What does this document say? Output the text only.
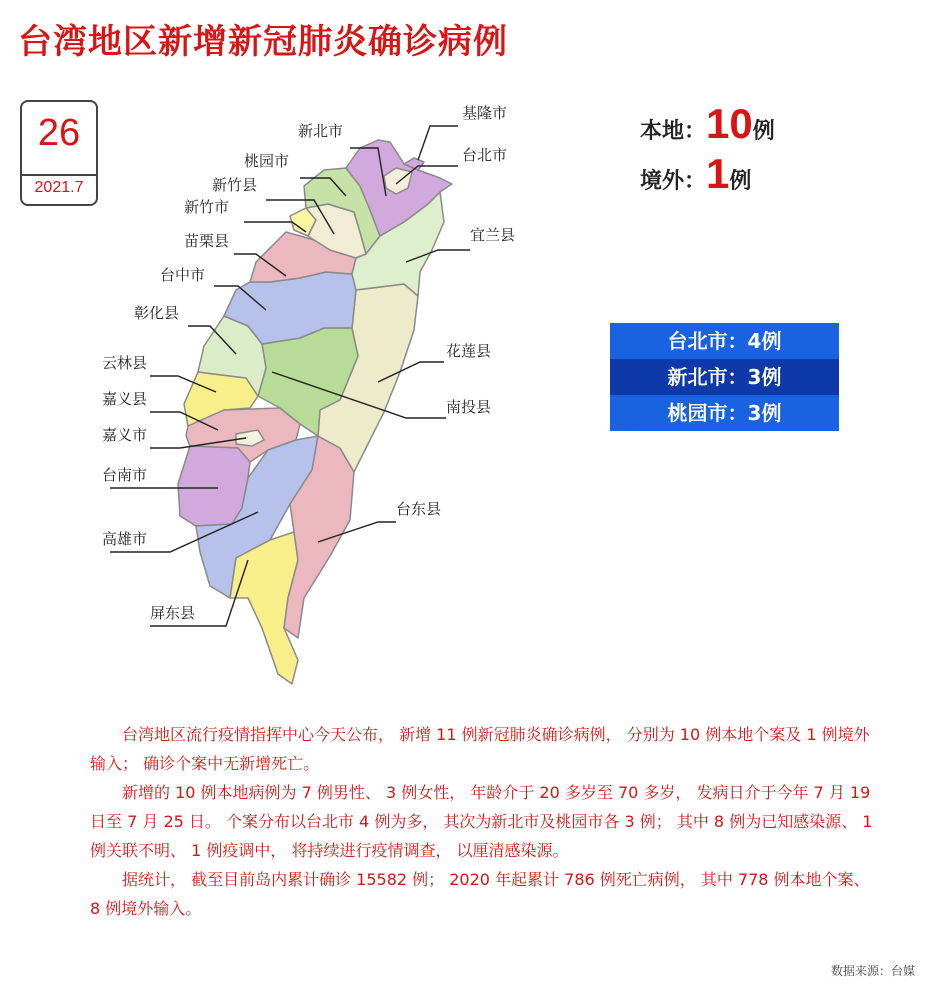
台湾地区新增新冠肺炎确诊病例
26
2021.7
本地：10例
境外：1例
台北市：4例
新北市：3例
桃园市：3例
基隆市
新北市
台北市
桃园市
新竹县
新竹市
宜兰县
苗栗县
台中市
彰化县
花莲县
南投县
云林县
嘉义县
嘉义市
台南市
高雄市
台东县
屏东县

台湾地区流行疫情指挥中心今天公布， 新增 11 例新冠肺炎确诊病例， 分别为 10 例本地个案及 1 例境外输入； 确诊个案中无新增死亡。

新增的 10 例本地病例为 7 例男性、 3 例女性， 年龄介于 20 多岁至 70 多岁， 发病日介于今年 7 月 19 日至 7 月 25 日。 个案分布以台北市 4 例为多， 其次为新北市及桃园市各 3 例； 其中 8 例为已知感染源、 1 例关联不明、 1 例疫调中， 将持续进行疫情调查， 以厘清感染源。

据统计， 截至目前岛内累计确诊 15582 例； 2020 年起累计 786 例死亡病例， 其中 778 例本地个案、 8 例境外输入。

数据来源：台媒
